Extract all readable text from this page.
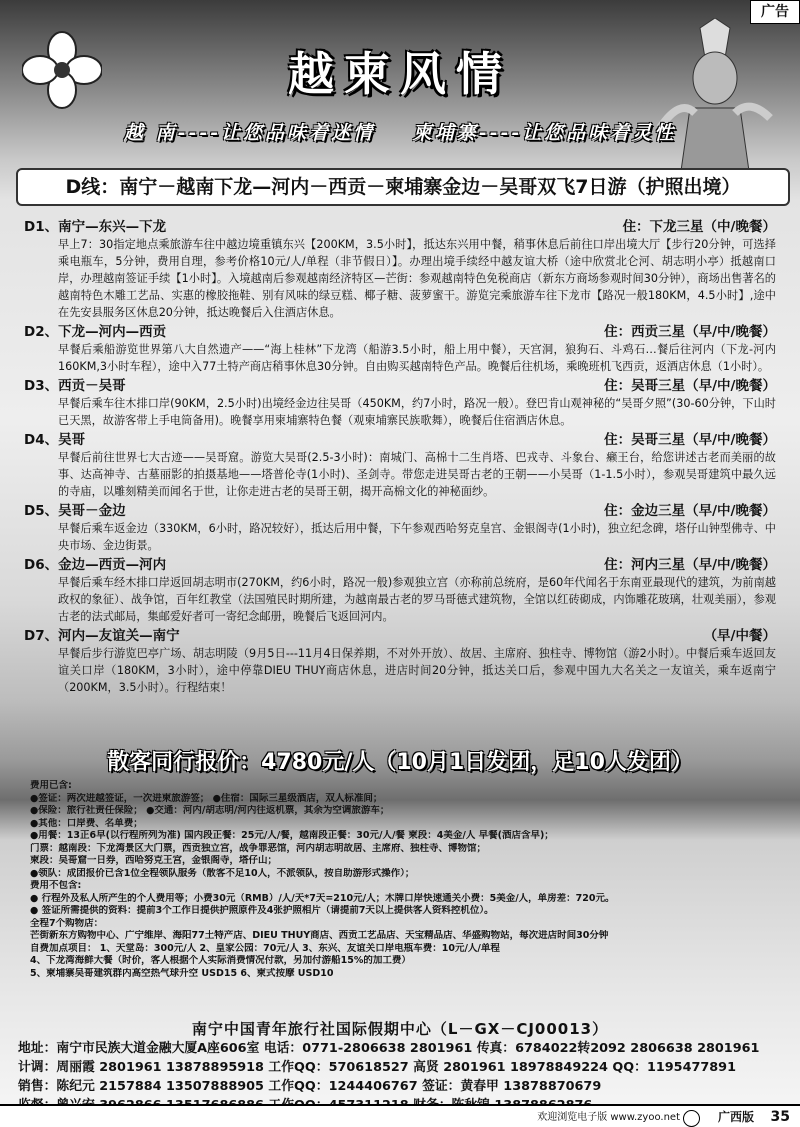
广告
越柬风情
越 南----让您品味着迷情 柬埔寨----让您品味着灵性
D线：南宁－越南下龙—河内－西贡－柬埔寨金边－吴哥双飞7日游（护照出境）
D1、南宁—东兴—下龙	住：下龙三星（中/晚餐）
早上7：30指定地点乘旅游车往中越边境重镇东兴【200KM，3.5小时】，抵达东兴用中餐，稍事休息后前往口岸出境大厅【步行20分钟，可选择乘电瓶车，5分钟，费用自理，参考价格10元/人/单程（非节假日）】。办理出境手续经中越友谊大桥（途中欣赏北仑河、胡志明小亭）抵越南口岸，办理越南签证手续【1小时】。入境越南后参观越南经济特区—芒街：参观越南特色免税商店（新东方商场参观时间30分钟），商场出售著名的越南特色木雕工艺品、实惠的橡胶拖鞋、别有风味的绿豆糕、椰子糖、菠萝蜜干。游览完乘旅游车往下龙市【路况一般180KM，4.5小时】,途中在先安县服务区休息20分钟，抵达晚餐后入住酒店休息。
D2、下龙—河内—西贡	住：西贡三星（早/中/晚餐）
早餐后乘船游览世界第八大自然遗产——“海上桂林”下龙湾（船游3.5小时，船上用中餐），天宫洞，狼狗石、斗鸡石…餐后往河内（下龙-河内160KM,3小时车程），途中入77土特产商店稍事休息30分钟。自由购买越南特色产品。晚餐后往机场，乘晚班机飞西贡，返酒店休息（1小时）。
D3、西贡－吴哥	住：吴哥三星（早/中/晚餐）
早餐后乘车往木排口岸(90KM，2.5小时)出境经金边往吴哥（450KM，约7小时，路况一般）。登巴肯山观神秘的“吴哥夕照”(30-60分钟，下山时已天黑，故游客带上手电筒备用)。晚餐享用柬埔寨特色餐（观柬埔寨民族歌舞），晚餐后住宿酒店休息。
D4、吴哥	住：吴哥三星（早/中/晚餐）
早餐后前往世界七大古迹——吴哥窟。游览大吴哥(2.5-3小时)：南城门、高棉十二生肖塔、巴戎寺、斗象台、癞王台，给您讲述古老而美丽的故事、达高神寺、古墓丽影的拍摄基地——塔普伦寺(1小时)、圣剑寺。带您走进吴哥古老的王朝——小吴哥（1-1.5小时），参观吴哥建筑中最久远的寺庙，以雕刻精美而闻名于世，让你走进古老的吴哥王朝，揭开高棉文化的神秘面纱。
D5、吴哥－金边	住：金边三星（早/中/晚餐）
早餐后乘车返金边（330KM，6小时，路况较好），抵达后用中餐，下午参观西哈努克皇宫、金银阁寺(1小时)，独立纪念碑，塔仔山钟型佛寺、中央市场、金边街景。
D6、金边—西贡—河内	住：河内三星（早/中/晚餐）
早餐后乘车经木排口岸返回胡志明市(270KM，约6小时，路况一般)参观独立宫（亦称前总统府，是60年代闻名于东南亚最现代的建筑，为前南越政权的象征）、战争馆，百年红教堂（法国殖民时期所建，为越南最古老的罗马哥德式建筑物，全馆以红砖砌成，内饰雕花玻璃，壮观美丽），参观古老的法式邮局，集邮爱好者可一寄纪念邮册，晚餐后飞返回河内。
D7、河内—友谊关—南宁	（早/中餐）
早餐后步行游览巴亭广场、胡志明陵（9月5日---11月4日保养期，不对外开放）、故居、主席府、独柱寺、博物馆（游2小时）。中餐后乘车返回友谊关口岸（180KM，3小时），途中停靠DIEU THUY商店休息，进店时间20分钟，抵达关口后，参观中国九大名关之一友谊关，乘车返南宁（200KM，3.5小时）。行程结束！
散客同行报价：4780元/人（10月1日发团，足10人发团）
费用已含:
●签证：两次进越签证，一次进柬旅游签； ●住宿：国际三星级酒店，双人标准间；
●保险：旅行社责任保险； ●交通：河内/胡志明/河内往返机票，其余为空调旅游车；
●其他：口岸费、名单费；
●用餐：13正6早(以行程所列为准) 国内段正餐：25元/人/餐，越南段正餐：30元/人/餐 柬段：4美金/人 早餐(酒店含早)；
门票：越南段：下龙湾景区大门票，西贡独立宫，战争罪恶馆，河内胡志明故居、主席府、独柱寺、博物馆；
柬段：吴哥窟一日券，西哈努克王宫，金银阁寺，塔仔山；
●领队：成团报价已含1位全程领队服务（散客不足10人，不派领队，按自助游形式操作）；
费用不包含:
● 行程外及私人所产生的个人费用等；小费30元（RMB）/人/天*7天=210元/人；木牌口岸快速通关小费：5美金/人，单房差：720元。
● 签证所需提供的资料：提前3个工作日提供护照原件及4张护照相片（请提前7天以上提供客人资料控机位）。
全程7个购物店：
芒街新东方购物中心、广宁维岸、海阳77土特产店、DIEU THUY商店、西贡工艺品店、天宝精品店、华盛购物站，每次进店时间30分钟
自费加点项目： 1、天堂岛：300元/人 2、皇家公园：70元/人 3、东兴、友谊关口岸电瓶车费：10元/人/单程
4、下龙湾海鲜大餐（时价，客人根据个人实际消费情况付款，另加付游船15%的加工费）
5、柬埔寨吴哥建筑群内高空热气球升空 USD15 6、柬式按摩 USD10
南宁中国青年旅行社国际假期中心（L－GX－CJ00013）
地址：南宁市民族大道金融大厦A座606室 电话：0771-2806638 2801961 传真：6784022转2092 2806638 2801961
计调：周丽霞 2801961 13878895918 工作QQ：570618527 高贤 2801961 18978849224 QQ：1195477891
销售：陈纪元 2157884 13507888905 工作QQ：1244406767 签证：黄春甲 13878870679
欢迎浏览电子版 www.zyoo.net	广西版 35
